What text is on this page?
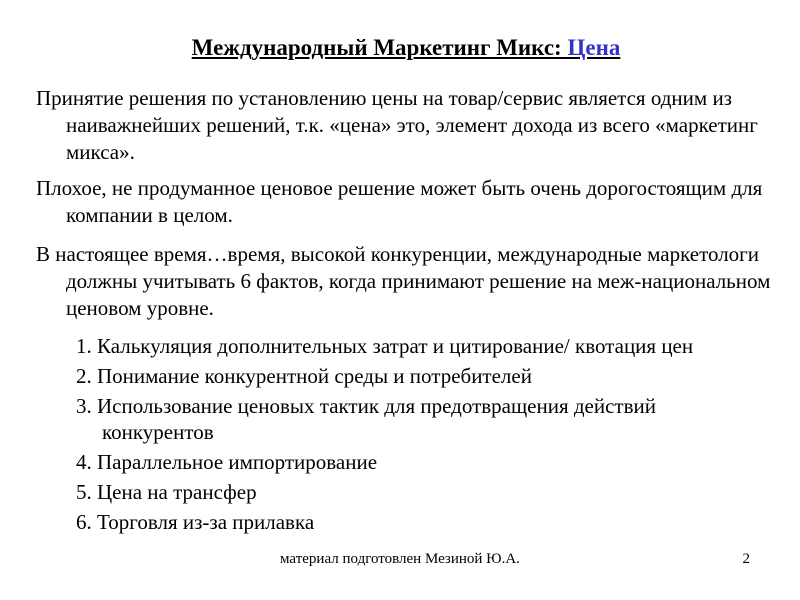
Международный Маркетинг Микс: Цена

Принятие решения по установлению цены на товар/сервис является одним из наиважнейших решений, т.к. «цена» это, элемент дохода из всего «маркетинг микса».

Плохое, не продуманное ценовое решение может быть очень дорогостоящим для компании в целом.

В настоящее время…время, высокой конкуренции, международные маркетологи должны учитывать 6 фактов, когда принимают решение на меж-национальном ценовом уровне.

1. Калькуляция дополнительных затрат и цитирование/ квотация цен
2. Понимание конкурентной среды и потребителей
3. Использование ценовых тактик для предотвращения действий конкурентов
4. Параллельное импортирование
5. Цена на трансфер
6. Торговля из-за прилавка
материал подготовлен Мезиной Ю.А.	2
